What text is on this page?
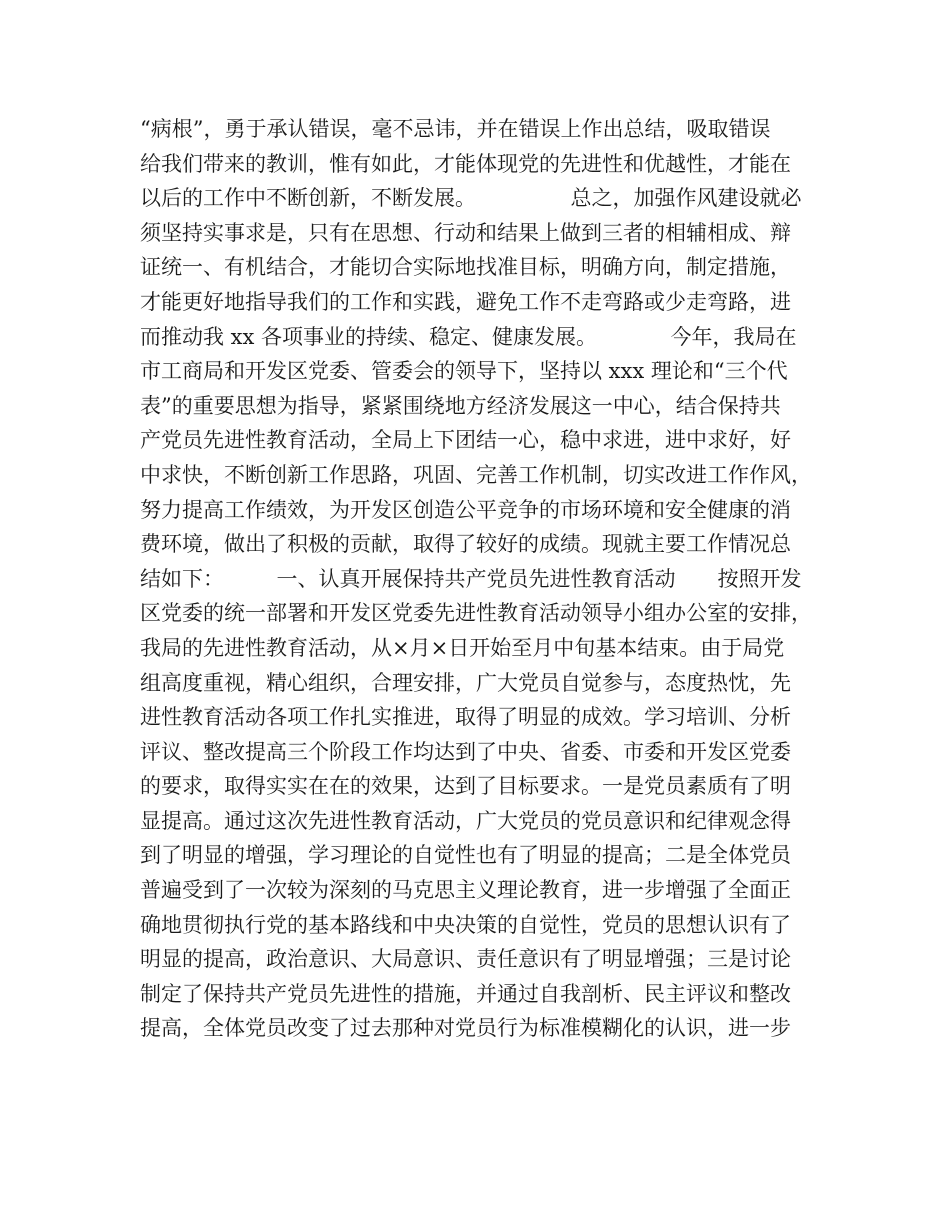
“病根”，勇于承认错误，毫不忌讳，并在错误上作出总结，吸取错误
给我们带来的教训，惟有如此，才能体现党的先进性和优越性，才能在
以后的工作中不断创新，不断发展。　　　　　总之，加强作风建设就必
须坚持实事求是，只有在思想、行动和结果上做到三者的相辅相成、辩
证统一、有机结合，才能切合实际地找准目标，明确方向，制定措施，
才能更好地指导我们的工作和实践，避免工作不走弯路或少走弯路，进
而推动我 xx 各项事业的持续、稳定、健康发展。　　　　今年，我局在
市工商局和开发区党委、管委会的领导下，坚持以 xxx 理论和“三个代
表”的重要思想为指导，紧紧围绕地方经济发展这一中心，结合保持共
产党员先进性教育活动，全局上下团结一心，稳中求进，进中求好，好
中求快，不断创新工作思路，巩固、完善工作机制，切实改进工作作风，
努力提高工作绩效，为开发区创造公平竞争的市场环境和安全健康的消
费环境，做出了积极的贡献，取得了较好的成绩。现就主要工作情况总
结如下：　　　一、认真开展保持共产党员先进性教育活动　　按照开发
区党委的统一部署和开发区党委先进性教育活动领导小组办公室的安排，
我局的先进性教育活动，从×月×日开始至月中旬基本结束。由于局党
组高度重视，精心组织，合理安排，广大党员自觉参与，态度热忱，先
进性教育活动各项工作扎实推进，取得了明显的成效。学习培训、分析
评议、整改提高三个阶段工作均达到了中央、省委、市委和开发区党委
的要求，取得实实在在的效果，达到了目标要求。一是党员素质有了明
显提高。通过这次先进性教育活动，广大党员的党员意识和纪律观念得
到了明显的增强，学习理论的自觉性也有了明显的提高；二是全体党员
普遍受到了一次较为深刻的马克思主义理论教育，进一步增强了全面正
确地贯彻执行党的基本路线和中央决策的自觉性，党员的思想认识有了
明显的提高，政治意识、大局意识、责任意识有了明显增强；三是讨论
制定了保持共产党员先进性的措施，并通过自我剖析、民主评议和整改
提高，全体党员改变了过去那种对党员行为标准模糊化的认识，进一步
